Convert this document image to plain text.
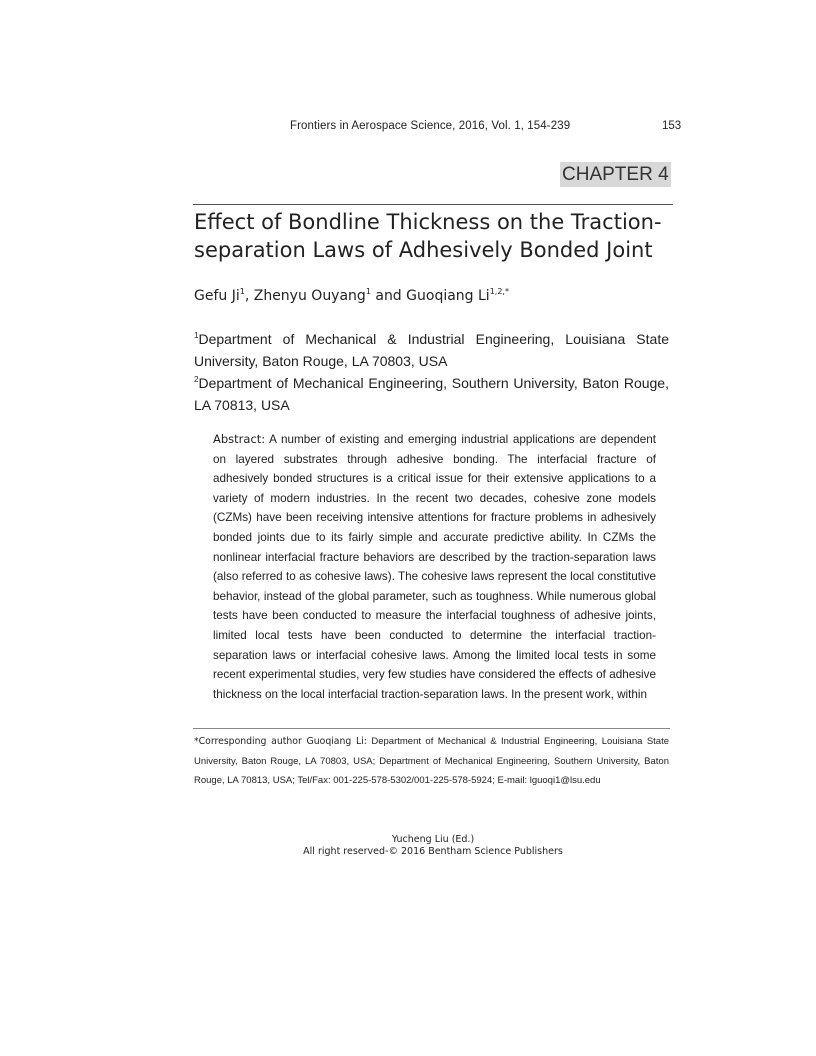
Frontiers in Aerospace Science, 2016, Vol. 1, 154-239	153
CHAPTER 4
Effect of Bondline Thickness on the Traction-separation Laws of Adhesively Bonded Joint
Gefu Ji$^1$, Zhenyu Ouyang$^1$ and Guoqiang $Li^{1,2,*}$
$^1$Department of Mechanical & Industrial Engineering, Louisiana State University, Baton Rouge, LA 70803, USA
$^2$Department of Mechanical Engineering, Southern University, Baton Rouge, LA 70813, USA

Abstract: A number of existing and emerging industrial applications are dependent on layered substrates through adhesive bonding. The interfacial fracture of adhesively bonded structures is a critical issue for their extensive applications to a variety of modern industries. In the recent two decades, cohesive zone models (CZMs) have been receiving intensive attentions for fracture problems in adhesively bonded joints due to its fairly simple and accurate predictive ability. In CZMs the nonlinear interfacial fracture behaviors are described by the traction-separation laws (also referred to as cohesive laws). The cohesive laws represent the local constitutive behavior, instead of the global parameter, such as toughness. While numerous global tests have been conducted to measure the interfacial toughness of adhesive joints, limited local tests have been conducted to determine the interfacial traction-separation laws or interfacial cohesive laws. Among the limited local tests in some recent experimental studies, very few studies have considered the effects of adhesive thickness on the local interfacial traction-separation laws. In the present work, within

*Corresponding author Guoqiang Li: Department of Mechanical & Industrial Engineering, Louisiana State University, Baton Rouge, LA 70803, USA; Department of Mechanical Engineering, Southern University, Baton Rouge, LA 70813, USA; Tel/Fax: 001-225-578-5302/001-225-578-5924; E-mail: lguoqi1@lsu.edu

Yucheng Liu (Ed.)
All right reserved-© 2016 Bentham Science Publishers
